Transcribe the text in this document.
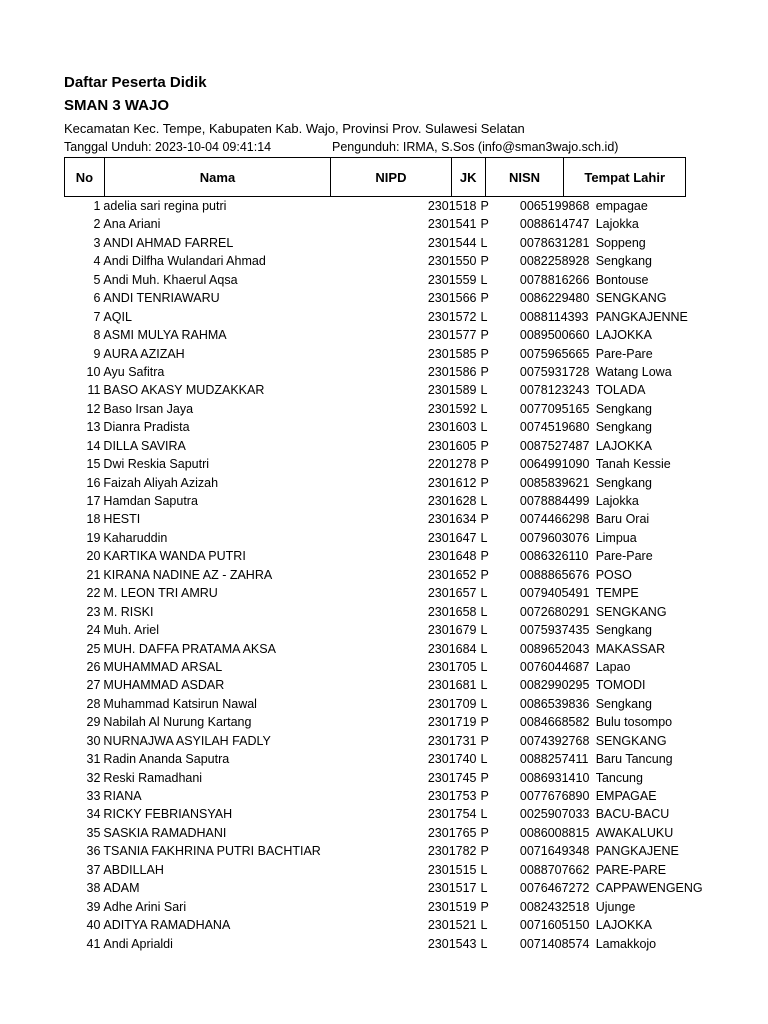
Daftar Peserta Didik
SMAN 3 WAJO
Kecamatan Kec. Tempe, Kabupaten Kab. Wajo, Provinsi Prov. Sulawesi Selatan
Tanggal Unduh: 2023-10-04 09:41:14	Pengunduh: IRMA, S.Sos (info@sman3wajo.sch.id)
No	Nama	NIPD	JK	NISN	Tempat Lahir
1 adelia sari regina putri	2301518 P	0065199868 empagae
2 Ana Ariani	2301541 P	0088614747 Lajokka
3 ANDI AHMAD FARREL	2301544 L	0078631281 Soppeng
4 Andi Dilfha Wulandari Ahmad	2301550 P	0082258928 Sengkang
5 Andi Muh. Khaerul Aqsa	2301559 L	0078816266 Bontouse
6 ANDI TENRIAWARU	2301566 P	0086229480 SENGKANG
7 AQIL	2301572 L	0088114393 PANGKAJENNE
8 ASMI MULYA RAHMA	2301577 P	0089500660 LAJOKKA
9 AURA AZIZAH	2301585 P	0075965665 Pare-Pare
10 Ayu Safitra	2301586 P	0075931728 Watang Lowa
11 BASO AKASY MUDZAKKAR	2301589 L	0078123243 TOLADA
12 Baso Irsan Jaya	2301592 L	0077095165 Sengkang
13 Dianra Pradista	2301603 L	0074519680 Sengkang
14 DILLA SAVIRA	2301605 P	0087527487 LAJOKKA
15 Dwi Reskia Saputri	2201278 P	0064991090 Tanah Kessie
16 Faizah Aliyah Azizah	2301612 P	0085839621 Sengkang
17 Hamdan Saputra	2301628 L	0078884499 Lajokka
18 HESTI	2301634 P	0074466298 Baru Orai
19 Kaharuddin	2301647 L	0079603076 Limpua
20 KARTIKA WANDA PUTRI	2301648 P	0086326110 Pare-Pare
21 KIRANA NADINE AZ - ZAHRA	2301652 P	0088865676 POSO
22 M. LEON TRI AMRU	2301657 L	0079405491 TEMPE
23 M. RISKI	2301658 L	0072680291 SENGKANG
24 Muh. Ariel	2301679 L	0075937435 Sengkang
25 MUH. DAFFA PRATAMA AKSA	2301684 L	0089652043 MAKASSAR
26 MUHAMMAD ARSAL	2301705 L	0076044687 Lapao
27 MUHAMMAD ASDAR	2301681 L	0082990295 TOMODI
28 Muhammad Katsirun Nawal	2301709 L	0086539836 Sengkang
29 Nabilah Al Nurung Kartang	2301719 P	0084668582 Bulu tosompo
30 NURNAJWA ASYILAH FADLY	2301731 P	0074392768 SENGKANG
31 Radin Ananda Saputra	2301740 L	0088257411 Baru Tancung
32 Reski Ramadhani	2301745 P	0086931410 Tancung
33 RIANA	2301753 P	0077676890 EMPAGAE
34 RICKY FEBRIANSYAH	2301754 L	0025907033 BACU-BACU
35 SASKIA RAMADHANI	2301765 P	0086008815 AWAKALUKU
36 TSANIA FAKHRINA PUTRI BACHTIAR	2301782 P	0071649348 PANGKAJENE
37 ABDILLAH	2301515 L	0088707662 PARE-PARE
38 ADAM	2301517 L	0076467272 CAPPAWENGENG
39 Adhe Arini Sari	2301519 P	0082432518 Ujunge
40 ADITYA RAMADHANA	2301521 L	0071605150 LAJOKKA
41 Andi Aprialdi	2301543 L	0071408574 Lamakkojo
